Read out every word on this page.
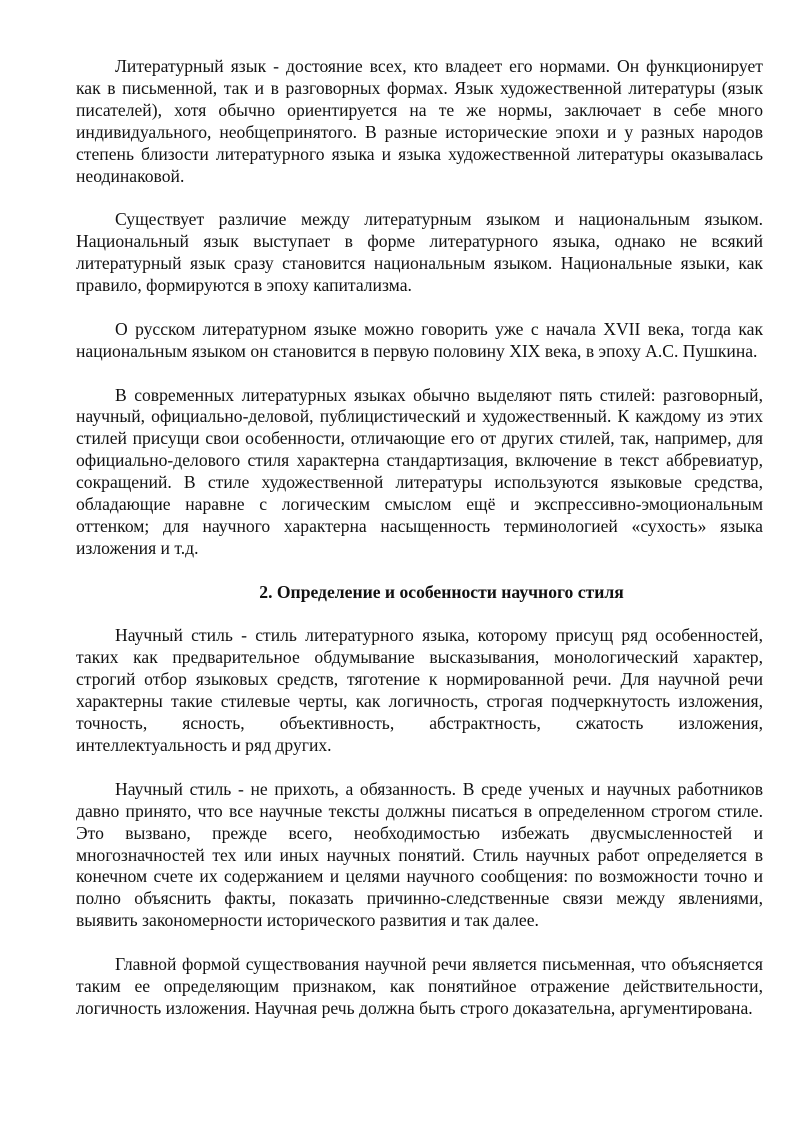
Литературный язык - достояние всех, кто владеет его нормами. Он функционирует как в письменной, так и в разговорных формах. Язык художественной литературы (язык писателей), хотя обычно ориентируется на те же нормы, заключает в себе много индивидуального, необщепринятого. В разные исторические эпохи и у разных народов степень близости литературного языка и языка художественной литературы оказывалась неодинаковой.

Существует различие между литературным языком и национальным языком. Национальный язык выступает в форме литературного языка, однако не всякий литературный язык сразу становится национальным языком. Национальные языки, как правило, формируются в эпоху капитализма.

О русском литературном языке можно говорить уже с начала XVII века, тогда как национальным языком он становится в первую половину XIX века, в эпоху А.С. Пушкина.

В современных литературных языках обычно выделяют пять стилей: разговорный, научный, официально-деловой, публицистический и художественный. К каждому из этих стилей присущи свои особенности, отличающие его от других стилей, так, например, для официально-делового стиля характерна стандартизация, включение в текст аббревиатур, сокращений. В стиле художественной литературы используются языковые средства, обладающие наравне с логическим смыслом ещё и экспрессивно-эмоциональным оттенком; для научного характерна насыщенность терминологией «сухость» языка изложения и т.д.

2. Определение и особенности научного стиля

Научный стиль - стиль литературного языка, которому присущ ряд особенностей, таких как предварительное обдумывание высказывания, монологический характер, строгий отбор языковых средств, тяготение к нормированной речи. Для научной речи характерны такие стилевые черты, как логичность, строгая подчеркнутость изложения, точность, ясность, объективность, абстрактность, сжатость изложения, интеллектуальность и ряд других.

Научный стиль - не прихоть, а обязанность. В среде ученых и научных работников давно принято, что все научные тексты должны писаться в определенном строгом стиле. Это вызвано, прежде всего, необходимостью избежать двусмысленностей и многозначностей тех или иных научных понятий. Стиль научных работ определяется в конечном счете их содержанием и целями научного сообщения: по возможности точно и полно объяснить факты, показать причинно-следственные связи между явлениями, выявить закономерности исторического развития и так далее.

Главной формой существования научной речи является письменная, что объясняется таким ее определяющим признаком, как понятийное отражение действительности, логичность изложения. Научная речь должна быть строго доказательна, аргументирована.
